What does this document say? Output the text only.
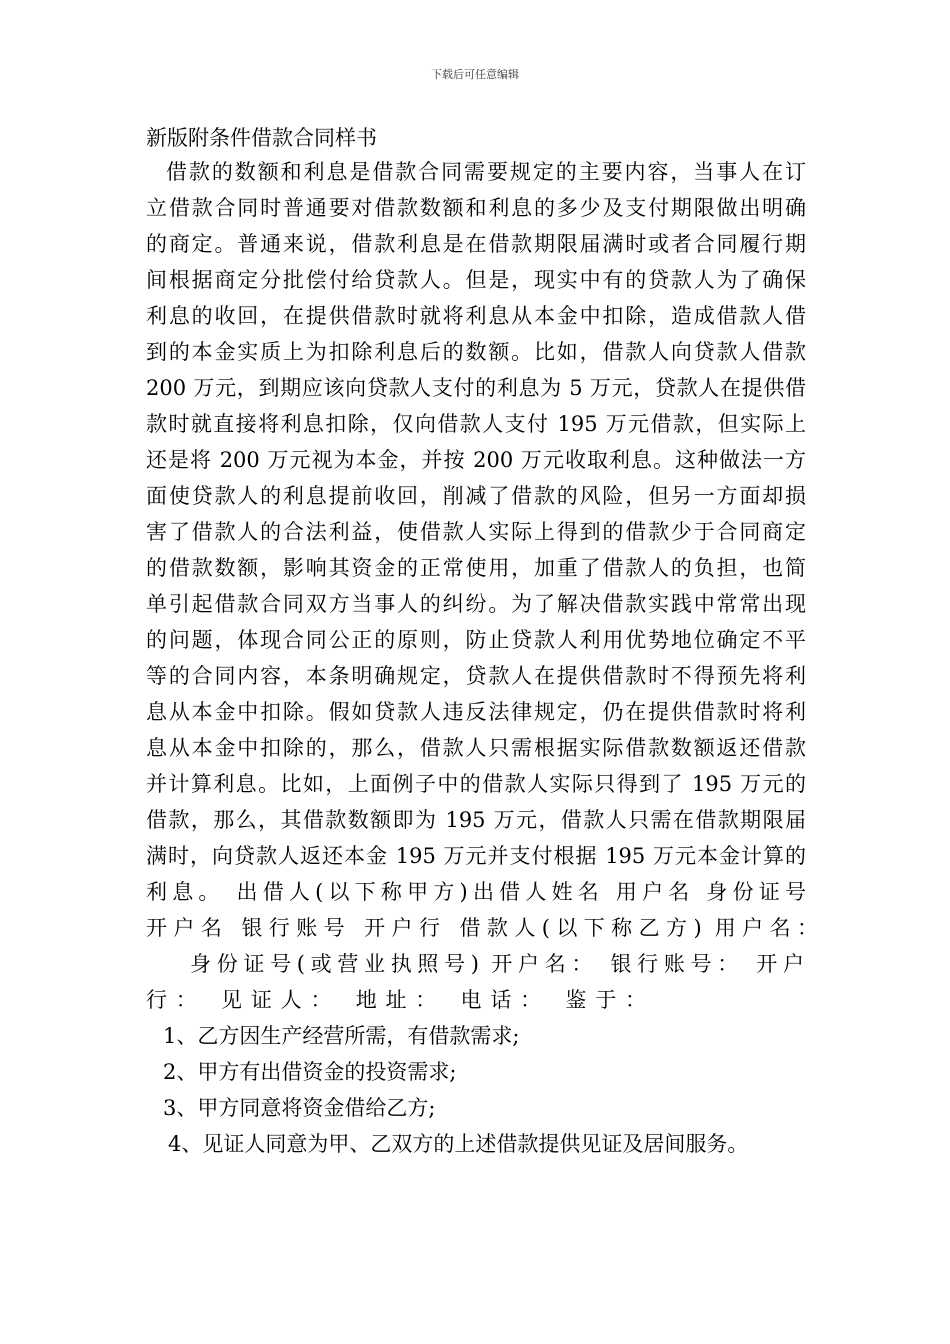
下载后可任意编辑
新版附条件借款合同样书
借款的数额和利息是借款合同需要规定的主要内容，当事人在订
立借款合同时普通要对借款数额和利息的多少及支付期限做出明确
的商定。普通来说，借款利息是在借款期限届满时或者合同履行期
间根据商定分批偿付给贷款人。但是，现实中有的贷款人为了确保
利息的收回，在提供借款时就将利息从本金中扣除，造成借款人借
到的本金实质上为扣除利息后的数额。比如，借款人向贷款人借款
200 万元，到期应该向贷款人支付的利息为 5 万元，贷款人在提供借
款时就直接将利息扣除，仅向借款人支付 195 万元借款，但实际上
还是将 200 万元视为本金，并按 200 万元收取利息。这种做法一方
面使贷款人的利息提前收回，削减了借款的风险，但另一方面却损
害了借款人的合法利益，使借款人实际上得到的借款少于合同商定
的借款数额，影响其资金的正常使用，加重了借款人的负担，也简
单引起借款合同双方当事人的纠纷。为了解决借款实践中常常出现
的问题，体现合同公正的原则，防止贷款人利用优势地位确定不平
等的合同内容，本条明确规定，贷款人在提供借款时不得预先将利
息从本金中扣除。假如贷款人违反法律规定，仍在提供借款时将利
息从本金中扣除的，那么，借款人只需根据实际借款数额返还借款
并计算利息。比如，上面例子中的借款人实际只得到了 195 万元的
借款，那么，其借款数额即为 195 万元，借款人只需在借款期限届
满时，向贷款人返还本金 195 万元并支付根据 195 万元本金计算的
利息。 出借人(以下称甲方)出借人姓名 用户名 身份证号
开户名 银行账号 开户行 借款人(以下称乙方) 用户名：
身份证号(或营业执照号) 开户名： 银行账号： 开户
行： 见证人： 地址： 电话： 鉴于：
1、乙方因生产经营所需，有借款需求;
2、甲方有出借资金的投资需求;
3、甲方同意将资金借给乙方;
4、见证人同意为甲、乙双方的上述借款提供见证及居间服务。
